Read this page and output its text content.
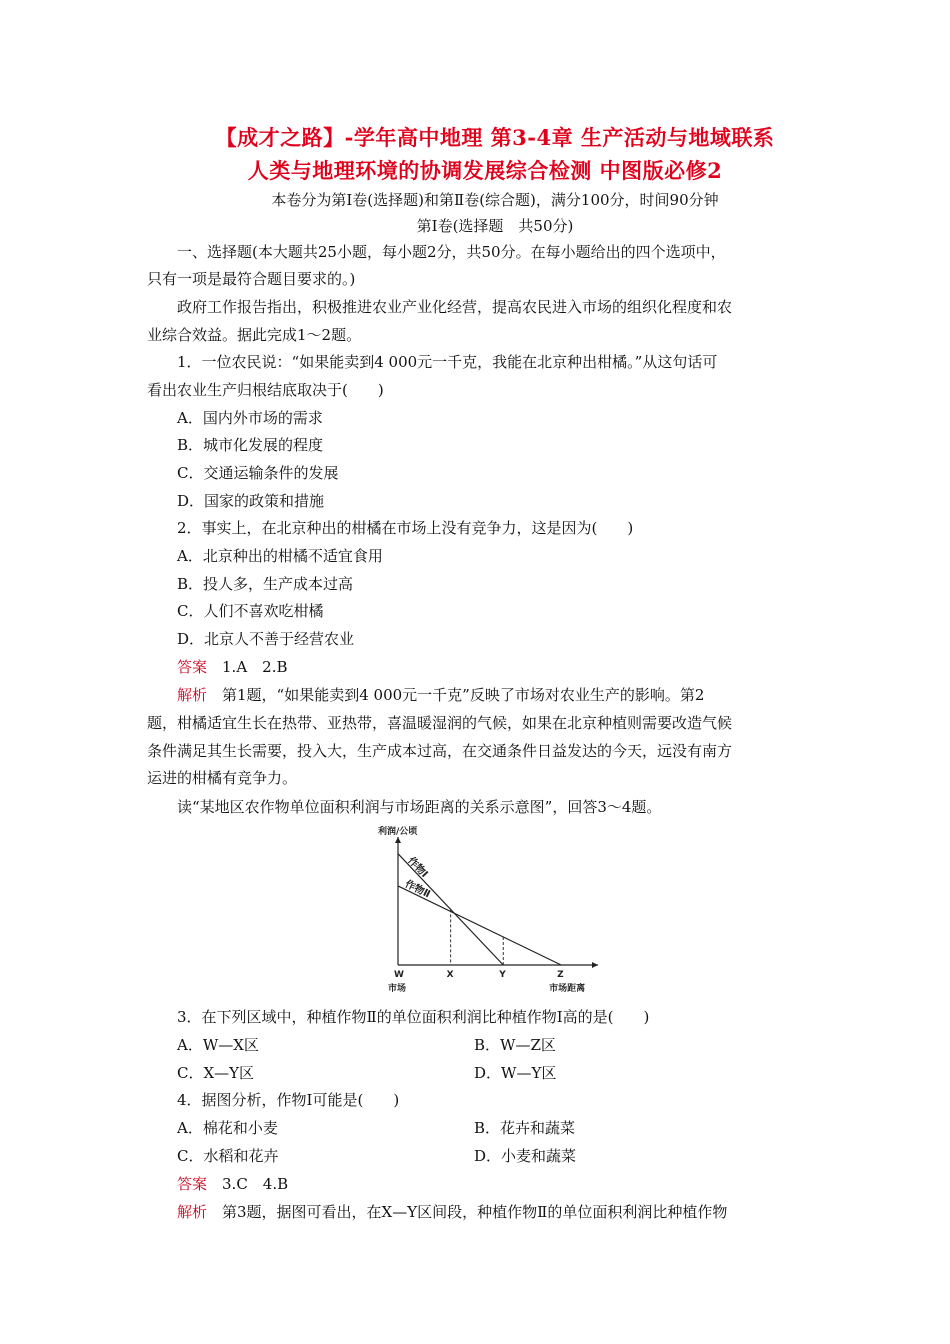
【成才之路】-学年高中地理 第3-4章 生产活动与地域联系
人类与地理环境的协调发展综合检测 中图版必修2
本卷分为第Ⅰ卷(选择题)和第Ⅱ卷(综合题)，满分100分，时间90分钟
第Ⅰ卷(选择题　共50分)
一、选择题(本大题共25小题，每小题2分，共50分。在每小题给出的四个选项中，
只有一项是最符合题目要求的。)
政府工作报告指出，积极推进农业产业化经营，提高农民进入市场的组织化程度和农
业综合效益。据此完成1～2题。
1．一位农民说：“如果能卖到4 000元一千克，我能在北京种出柑橘。”从这句话可
看出农业生产归根结底取决于(　　)
A．国内外市场的需求
B．城市化发展的程度
C．交通运输条件的发展
D．国家的政策和措施
2．事实上，在北京种出的柑橘在市场上没有竞争力，这是因为(　　)
A．北京种出的柑橘不适宜食用
B．投人多，生产成本过高
C．人们不喜欢吃柑橘
D．北京人不善于经营农业
答案　1.A　2.B
解析　第1题，“如果能卖到4 000元一千克”反映了市场对农业生产的影响。第2
题，柑橘适宜生长在热带、亚热带，喜温暖湿润的气候，如果在北京种植则需要改造气候
条件满足其生长需要，投入大，生产成本过高，在交通条件日益发达的今天，远没有南方
运进的柑橘有竞争力。
读“某地区农作物单位面积利润与市场距离的关系示意图”，回答3～4题。
利润/公顷
作物Ⅰ
作物Ⅱ
W	X	Y	Z
市场	市场距离
3．在下列区域中，种植作物Ⅱ的单位面积利润比种植作物Ⅰ高的是(　　)
A．W—X区	B．W—Z区
C．X—Y区	D．W—Y区
4．据图分析，作物Ⅰ可能是(　　)
A．棉花和小麦	B．花卉和蔬菜
C．水稻和花卉	D．小麦和蔬菜
答案　3.C　4.B
解析　第3题，据图可看出，在X—Y区间段，种植作物Ⅱ的单位面积利润比种植作物
